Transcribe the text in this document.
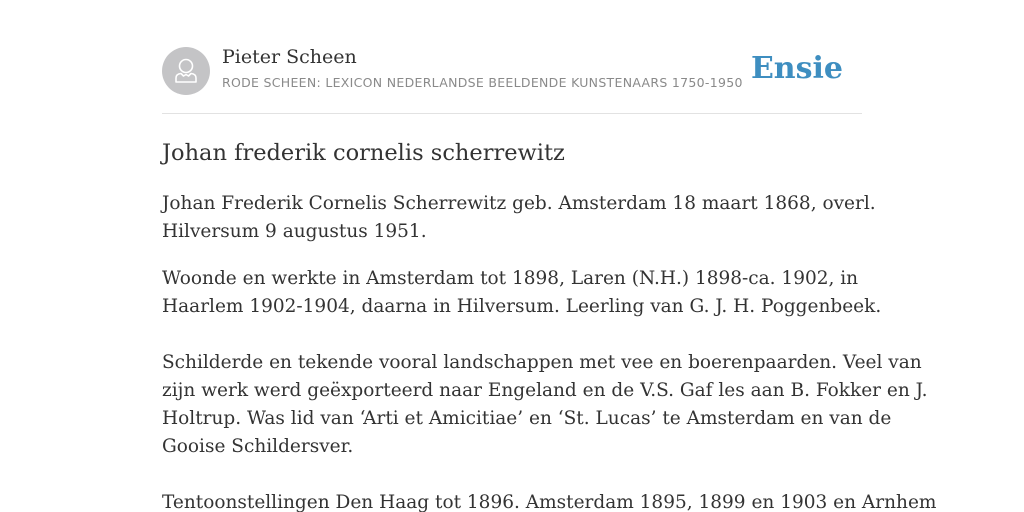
Pieter Scheen
RODE SCHEEN: LEXICON NEDERLANDSE BEELDENDE KUNSTENAARS 1750-1950 Ensie
Johan frederik cornelis scherrewitz

Johan Frederik Cornelis Scherrewitz geb. Amsterdam 18 maart 1868, overl.
Hilversum 9 augustus 1951.

Woonde en werkte in Amsterdam tot 1898, Laren (N.H.) 1898-ca. 1902, in
Haarlem 1902-1904, daarna in Hilversum. Leerling van G. J. H. Poggenbeek.

Schilderde en tekende vooral landschappen met vee en boerenpaarden. Veel van
zijn werk werd geëxporteerd naar Engeland en de V.S. Gaf les aan B. Fokker en J.
Holtrup. Was lid van ‘Arti et Amicitiae’ en ‘St. Lucas’ te Amsterdam en van de
Gooise Schildersver.

Tentoonstellingen Den Haag tot 1896. Amsterdam 1895, 1899 en 1903 en Arnhem
